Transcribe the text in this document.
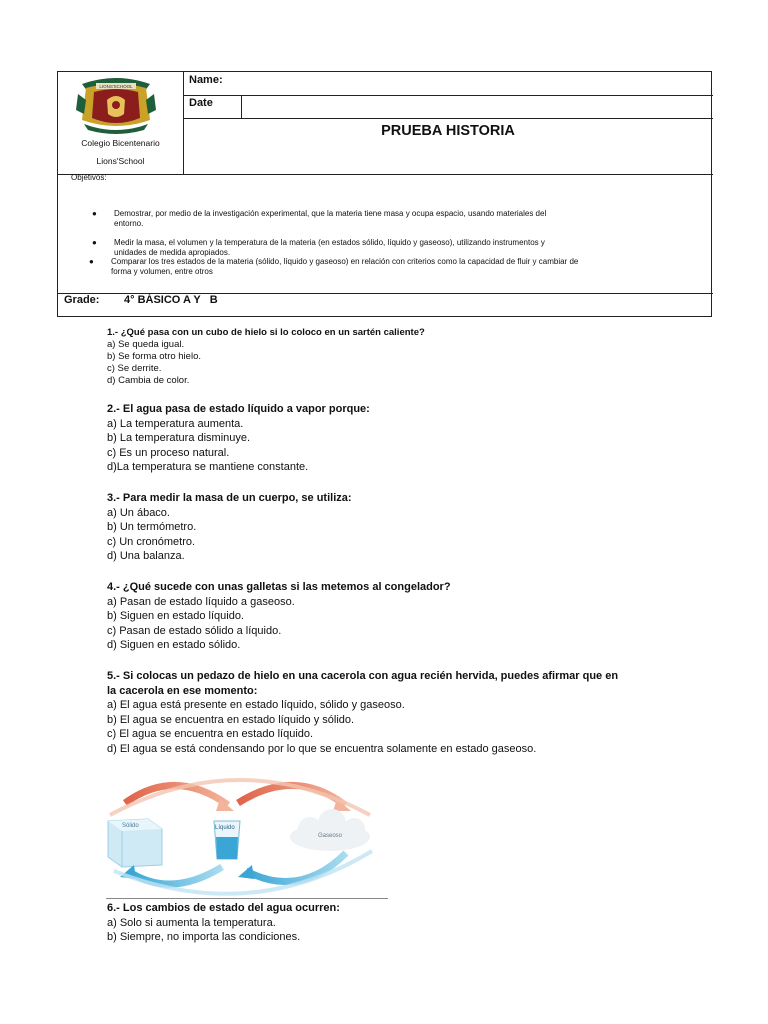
LIONS'SCHOOL
Colegio Bicentenario
Lions'School
Name:
Date
PRUEBA HISTORIA
Objetivos:
● Demostrar, por medio de la investigación experimental, que la materia tiene masa y ocupa espacio, usando materiales del
entorno.
● Medir la masa, el volumen y la temperatura de la materia (en estados sólido, líquido y gaseoso), utilizando instrumentos y
unidades de medida apropiados.
● Comparar los tres estados de la materia (sólido, líquido y gaseoso) en relación con criterios como la capacidad de fluir y cambiar de
forma y volumen, entre otros
Grade: 4° BÁSICO A Y   B
1.- ¿Qué pasa con un cubo de hielo si lo coloco en un sartén caliente?
a) Se queda igual.
b) Se forma otro hielo.
c) Se derrite.
d) Cambia de color.
2.- El agua pasa de estado líquido a vapor porque:
a) La temperatura aumenta.
b) La temperatura disminuye.
c) Es un proceso natural.
d)La temperatura se mantiene constante.
3.- Para medir la masa de un cuerpo, se utiliza:
a) Un ábaco.
b) Un termómetro.
c) Un cronómetro.
d) Una balanza.
4.- ¿Qué sucede con unas galletas si las metemos al congelador?
a) Pasan de estado líquido a gaseoso.
b) Siguen en estado líquido.
c) Pasan de estado sólido a líquido.
d) Siguen en estado sólido.
5.- Si colocas un pedazo de hielo en una cacerola con agua recién hervida, puedes afirmar que en
la cacerola en ese momento:
a) El agua está presente en estado líquido, sólido y gaseoso.
b) El agua se encuentra en estado líquido y sólido.
c) El agua se encuentra en estado líquido.
d) El agua se está condensando por lo que se encuentra solamente en estado gaseoso.
Sólido	Líquido
Gaseoso
6.- Los cambios de estado del agua ocurren:
a) Solo si aumenta la temperatura.
b) Siempre, no importa las condiciones.
